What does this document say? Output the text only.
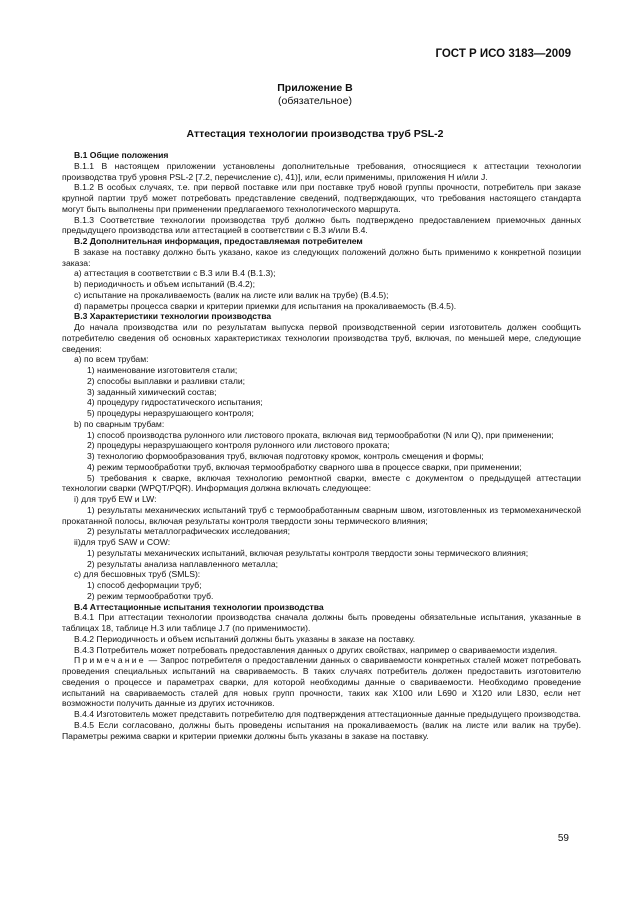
ГОСТ Р ИСО 3183—2009
Приложение В
(обязательное)
Аттестация технологии производства труб PSL-2

В.1 Общие положения

В.1.1 В настоящем приложении установлены дополнительные требования, относящиеся к аттестации технологии производства труб уровня PSL-2 [7.2, перечисление с), 41)], или, если применимы, приложения Н и/или J.

В.1.2 В особых случаях, т.е. при первой поставке или при поставке труб новой группы прочности, потребитель при заказе крупной партии труб может потребовать представление сведений, подтверждающих, что требования настоящего стандарта могут быть выполнены при применении предлагаемого технологического маршрута.

В.1.3 Соответствие технологии производства труб должно быть подтверждено предоставлением приемочных данных предыдущего производства или аттестацией в соответствии с В.3 и/или В.4.

В.2 Дополнительная информация, предоставляемая потребителем

В заказе на поставку должно быть указано, какое из следующих положений должно быть применимо к конкретной позиции заказа:

а) аттестация в соответствии с В.3 или В.4 (В.1.3);

b) периодичность и объем испытаний (В.4.2);

с) испытание на прокаливаемость (валик на листе или валик на трубе) (В.4.5);

d) параметры процесса сварки и критерии приемки для испытания на прокаливаемость (В.4.5).

В.3 Характеристики технологии производства

До начала производства или по результатам выпуска первой производственной серии изготовитель должен сообщить потребителю сведения об основных характеристиках технологии производства труб, включая, по меньшей мере, следующие сведения:

а) по всем трубам:

1) наименование изготовителя стали;

2) способы выплавки и разливки стали;

3) заданный химический состав;

4) процедуру гидростатического испытания;

5) процедуры неразрушающего контроля;

b) по сварным трубам:

1) способ производства рулонного или листового проката, включая вид термообработки (N или Q), при применении;

2) процедуры неразрушающего контроля рулонного или листового проката;

3) технологию формообразования труб, включая подготовку кромок, контроль смещения и формы;

4) режим термообработки труб, включая термообработку сварного шва в процессе сварки, при применении;

5) требования к сварке, включая технологию ремонтной сварки, вместе с документом о предыдущей аттестации технологии сварки (WPQT/PQR). Информация должна включать следующее:

i) для труб EW и LW:

1) результаты механических испытаний труб с термообработанным сварным швом, изготовленных из термомеханической прокатанной полосы, включая результаты контроля твердости зоны термического влияния;

2) результаты металлографических исследования;

ii)для труб SAW и COW:

1) результаты механических испытаний, включая результаты контроля твердости зоны термического влияния;

2) результаты анализа наплавленного металла;

с) для бесшовных труб (SMLS):

1) способ деформации труб;

2) режим термообработки труб.

В.4 Аттестационные испытания технологии производства

В.4.1 При аттестации технологии производства сначала должны быть проведены обязательные испытания, указанные в таблицах 18, таблице Н.3 или таблице J.7 (по применимости).

В.4.2 Периодичность и объем испытаний должны быть указаны в заказе на поставку.

В.4.3 Потребитель может потребовать предоставления данных о других свойствах, например о свариваемости изделия.

Примечание — Запрос потребителя о предоставлении данных о свариваемости конкретных сталей может потребовать проведения специальных испытаний на свариваемость. В таких случаях потребитель должен предоставить изготовителю сведения о процессе и параметрах сварки, для которой необходимы данные о свариваемости. Необходимо проведение испытаний на свариваемость сталей для новых групп прочности, таких как Х100 или L690 и Х120 или L830, если нет возможности получить данные из других источников.

В.4.4 Изготовитель может представить потребителю для подтверждения аттестационные данные предыдущего производства.

В.4.5 Если согласовано, должны быть проведены испытания на прокаливаемость (валик на листе или валик на трубе). Параметры режима сварки и критерии приемки должны быть указаны в заказе на поставку.

59
